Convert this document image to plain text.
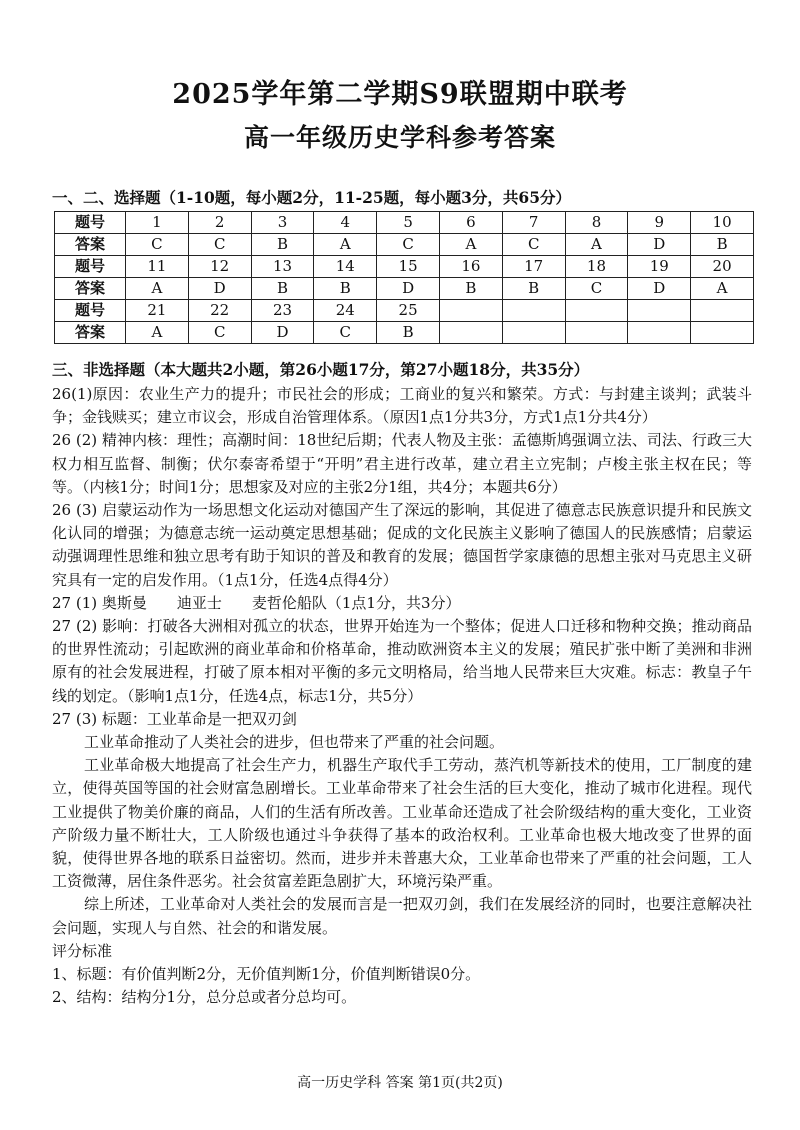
2025学年第二学期S9联盟期中联考
高一年级历史学科参考答案
一、二、选择题（1-10题，每小题2分，11-25题，每小题3分，共65分）
题号	1	2	3	4	5	6	7	8	9	10
答案	C	C	B	A	C	A	C	A	D	B
题号	11	12	13	14	15	16	17	18	19	20
答案	A	D	B	B	D	B	B	C	D	A
题号	21	22	23	24	25					
答案	A	C	D	C	B					
三、非选择题（本大题共2小题，第26小题17分，第27小题18分，共35分）

26(1)原因：农业生产力的提升；市民社会的形成；工商业的复兴和繁荣。方式：与封建主谈判；武装斗争；金钱赎买；建立市议会，形成自治管理体系。（原因1点1分共3分，方式1点1分共4分）

26 (2) 精神内核：理性；高潮时间：18世纪后期；代表人物及主张：孟德斯鸠强调立法、司法、行政三大权力相互监督、制衡；伏尔泰寄希望于“开明”君主进行改革，建立君主立宪制；卢梭主张主权在民；等等。（内核1分；时间1分；思想家及对应的主张2分1组，共4分；本题共6分）

26 (3) 启蒙运动作为一场思想文化运动对德国产生了深远的影响，其促进了德意志民族意识提升和民族文化认同的增强；为德意志统一运动奠定思想基础；促成的文化民族主义影响了德国人的民族感情；启蒙运动强调理性思维和独立思考有助于知识的普及和教育的发展；德国哲学家康德的思想主张对马克思主义研究具有一定的启发作用。（1点1分，任选4点得4分）

27 (1) 奥斯曼　　迪亚士　　麦哲伦船队（1点1分，共3分）

27 (2) 影响：打破各大洲相对孤立的状态，世界开始连为一个整体；促进人口迁移和物种交换；推动商品的世界性流动；引起欧洲的商业革命和价格革命，推动欧洲资本主义的发展；殖民扩张中断了美洲和非洲原有的社会发展进程，打破了原本相对平衡的多元文明格局，给当地人民带来巨大灾难。标志：教皇子午线的划定。（影响1点1分，任选4点，标志1分，共5分）

27 (3) 标题：工业革命是一把双刃剑

工业革命推动了人类社会的进步，但也带来了严重的社会问题。

工业革命极大地提高了社会生产力，机器生产取代手工劳动，蒸汽机等新技术的使用，工厂制度的建立，使得英国等国的社会财富急剧增长。工业革命带来了社会生活的巨大变化，推动了城市化进程。现代工业提供了物美价廉的商品，人们的生活有所改善。工业革命还造成了社会阶级结构的重大变化，工业资产阶级力量不断壮大，工人阶级也通过斗争获得了基本的政治权利。工业革命也极大地改变了世界的面貌，使得世界各地的联系日益密切。然而，进步并未普惠大众，工业革命也带来了严重的社会问题，工人工资微薄，居住条件恶劣。社会贫富差距急剧扩大，环境污染严重。

综上所述，工业革命对人类社会的发展而言是一把双刃剑，我们在发展经济的同时，也要注意解决社会问题，实现人与自然、社会的和谐发展。

评分标准

1、标题：有价值判断2分，无价值判断1分，价值判断错误0分。

2、结构：结构分1分，总分总或者分总均可。

高一历史学科 答案 第1页(共2页)
